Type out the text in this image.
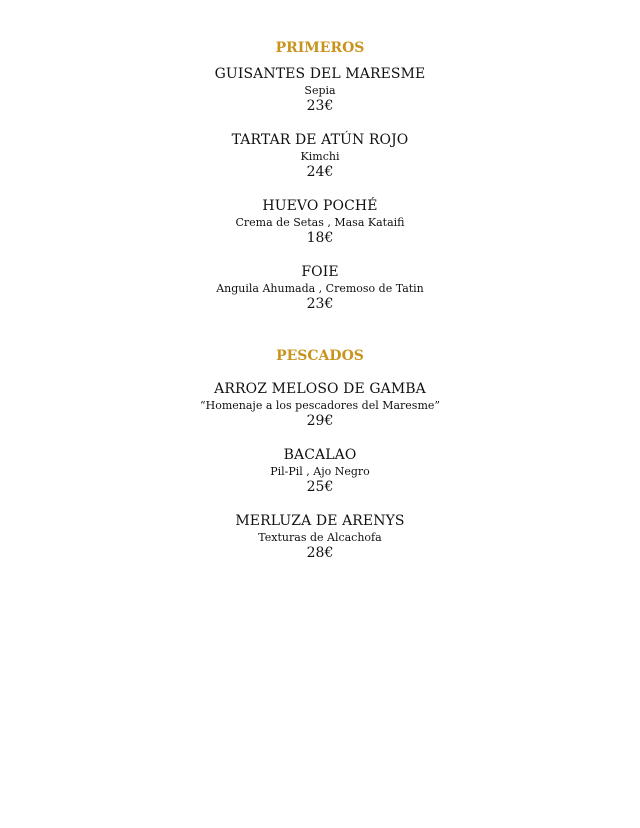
PRIMEROS

GUISANTES DEL MARESME
Sepia
23€
TARTAR DE ATÚN ROJO
Kimchi
24€
HUEVO POCHÉ
Crema de Setas , Masa Kataifi
18€
FOIE
Anguila Ahumada , Cremoso de Tatin
23€

PESCADOS

ARROZ MELOSO DE GAMBA
“Homenaje a los pescadores del Maresme”
29€
BACALAO
Pil-Pil , Ajo Negro
25€
MERLUZA DE ARENYS
Texturas de Alcachofa
28€
